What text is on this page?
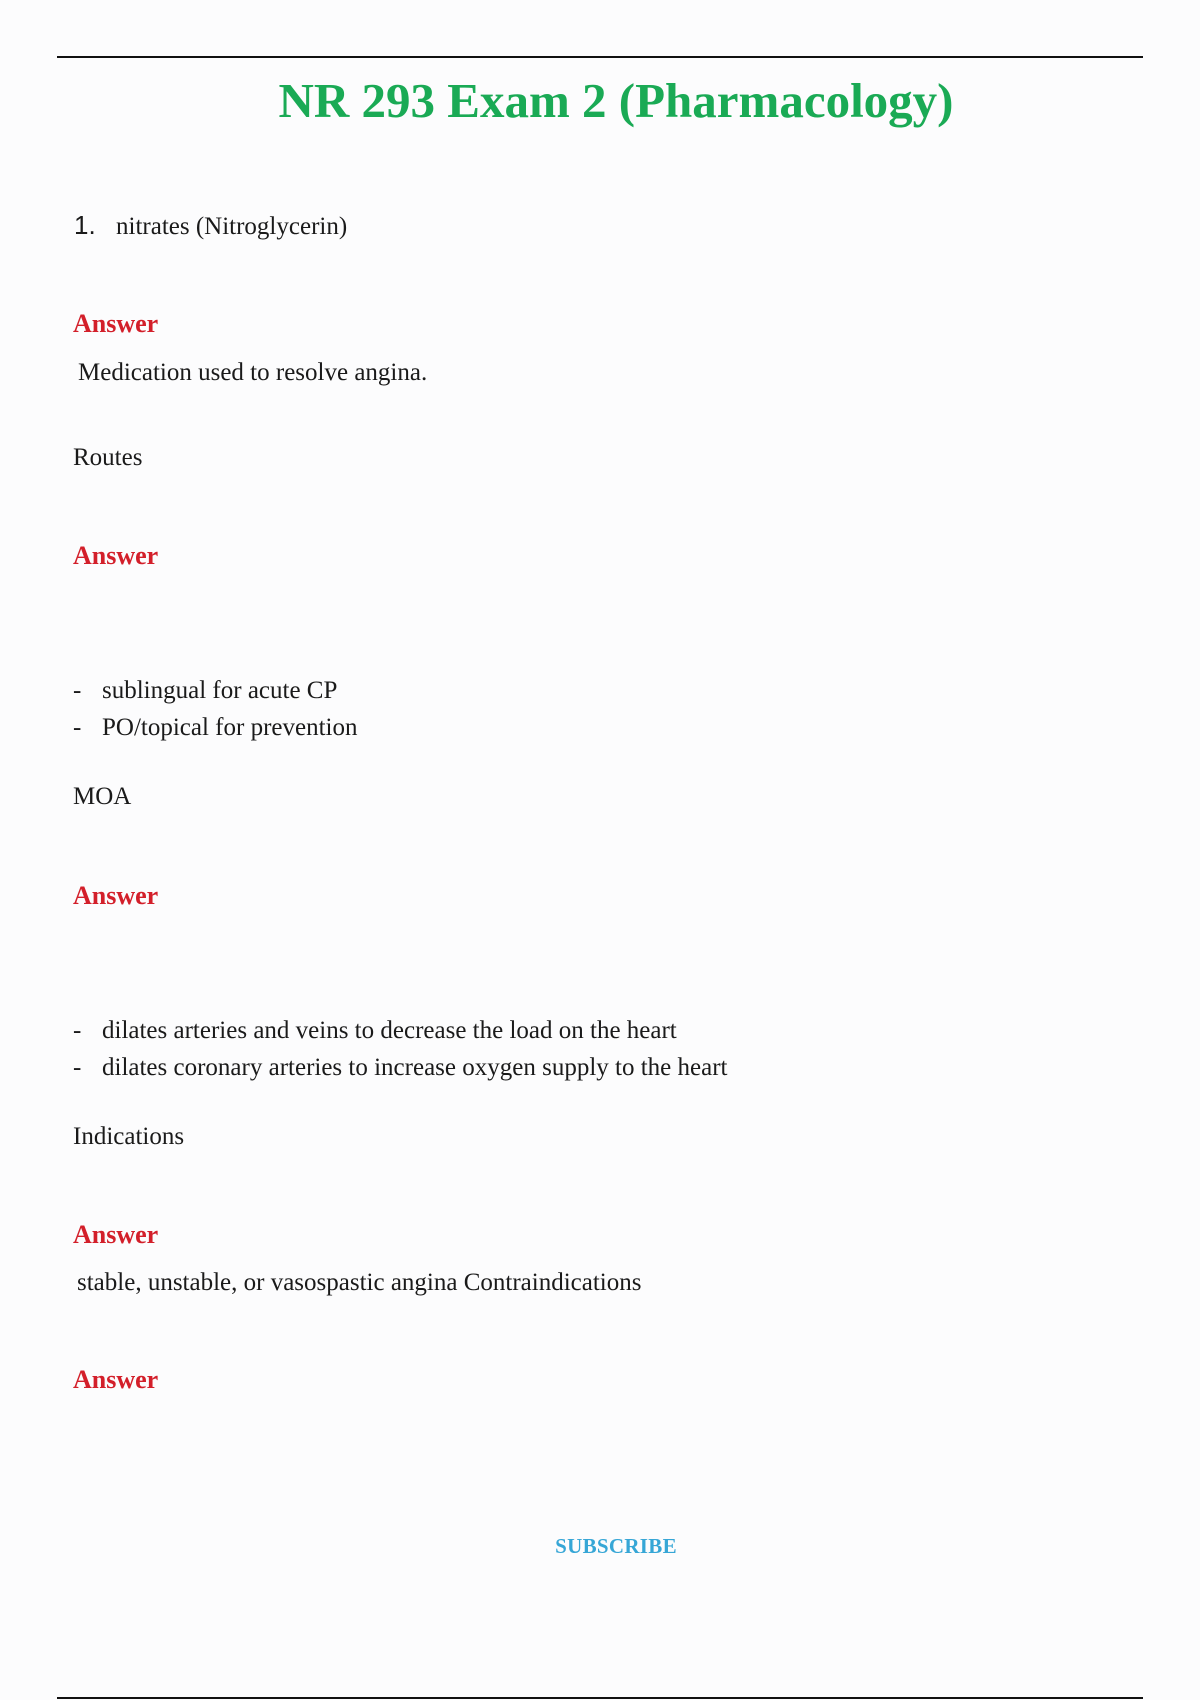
NR 293 Exam 2 (Pharmacology)
1. nitrates (Nitroglycerin)
Answer
Medication used to resolve angina.
Routes
Answer
- sublingual for acute CP
- PO/topical for prevention
MOA
Answer
- dilates arteries and veins to decrease the load on the heart
- dilates coronary arteries to increase oxygen supply to the heart
Indications
Answer
stable, unstable, or vasospastic angina Contraindications
Answer
SUBSCRIBE
